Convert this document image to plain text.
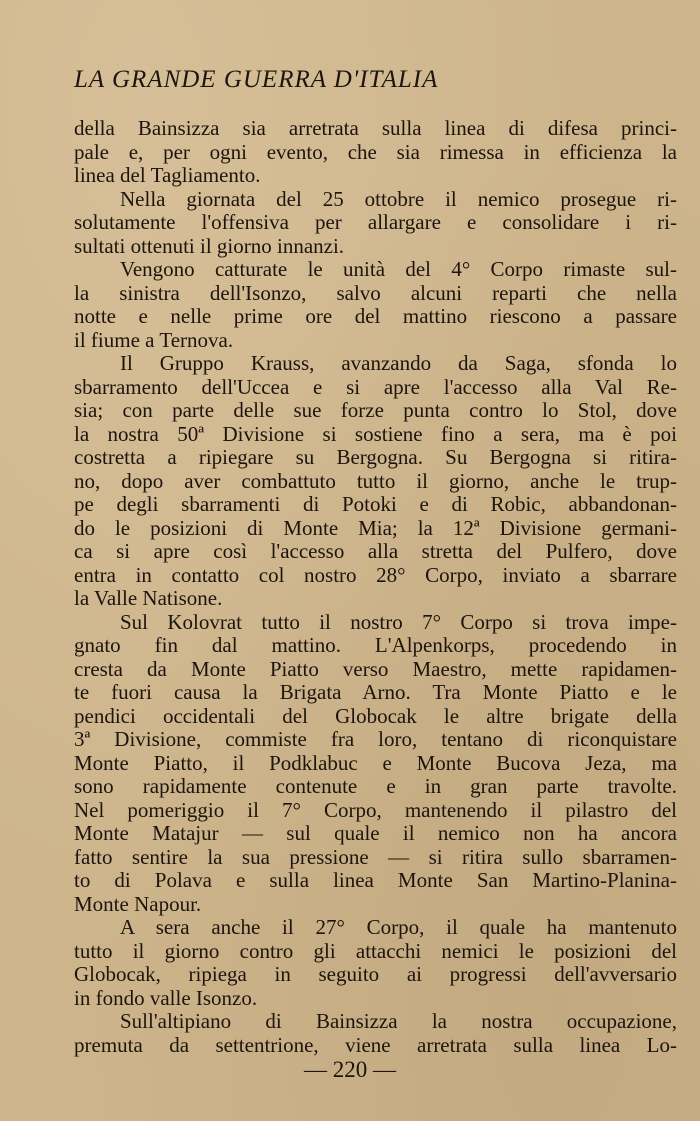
LA GRANDE GUERRA D'ITALIA
della Bainsizza sia arretrata sulla linea di difesa princi-
pale e, per ogni evento, che sia rimessa in efficienza la
linea del Tagliamento.
Nella giornata del 25 ottobre il nemico prosegue ri-
solutamente l'offensiva per allargare e consolidare i ri-
sultati ottenuti il giorno innanzi.
Vengono catturate le unità del 4° Corpo rimaste sul-
la sinistra dell'Isonzo, salvo alcuni reparti che nella
notte e nelle prime ore del mattino riescono a passare
il fiume a Ternova.
Il Gruppo Krauss, avanzando da Saga, sfonda lo
sbarramento dell'Uccea e si apre l'accesso alla Val Re-
sia; con parte delle sue forze punta contro lo Stol, dove
la nostra 50ª Divisione si sostiene fino a sera, ma è poi
costretta a ripiegare su Bergogna. Su Bergogna si ritira-
no, dopo aver combattuto tutto il giorno, anche le trup-
pe degli sbarramenti di Potoki e di Robic, abbandonan-
do le posizioni di Monte Mia; la 12ª Divisione germani-
ca si apre così l'accesso alla stretta del Pulfero, dove
entra in contatto col nostro 28° Corpo, inviato a sbarrare
la Valle Natisone.
Sul Kolovrat tutto il nostro 7° Corpo si trova impe-
gnato fin dal mattino. L'Alpenkorps, procedendo in
cresta da Monte Piatto verso Maestro, mette rapidamen-
te fuori causa la Brigata Arno. Tra Monte Piatto e le
pendici occidentali del Globocak le altre brigate della
3ª Divisione, commiste fra loro, tentano di riconquistare
Monte Piatto, il Podklabuc e Monte Bucova Jeza, ma
sono rapidamente contenute e in gran parte travolte.
Nel pomeriggio il 7° Corpo, mantenendo il pilastro del
Monte Matajur — sul quale il nemico non ha ancora
fatto sentire la sua pressione — si ritira sullo sbarramen-
to di Polava e sulla linea Monte San Martino-Planina-
Monte Napour.
A sera anche il 27° Corpo, il quale ha mantenuto
tutto il giorno contro gli attacchi nemici le posizioni del
Globocak, ripiega in seguito ai progressi dell'avversario
in fondo valle Isonzo.
Sull'altipiano di Bainsizza la nostra occupazione,
premuta da settentrione, viene arretrata sulla linea Lo-
— 220 —
